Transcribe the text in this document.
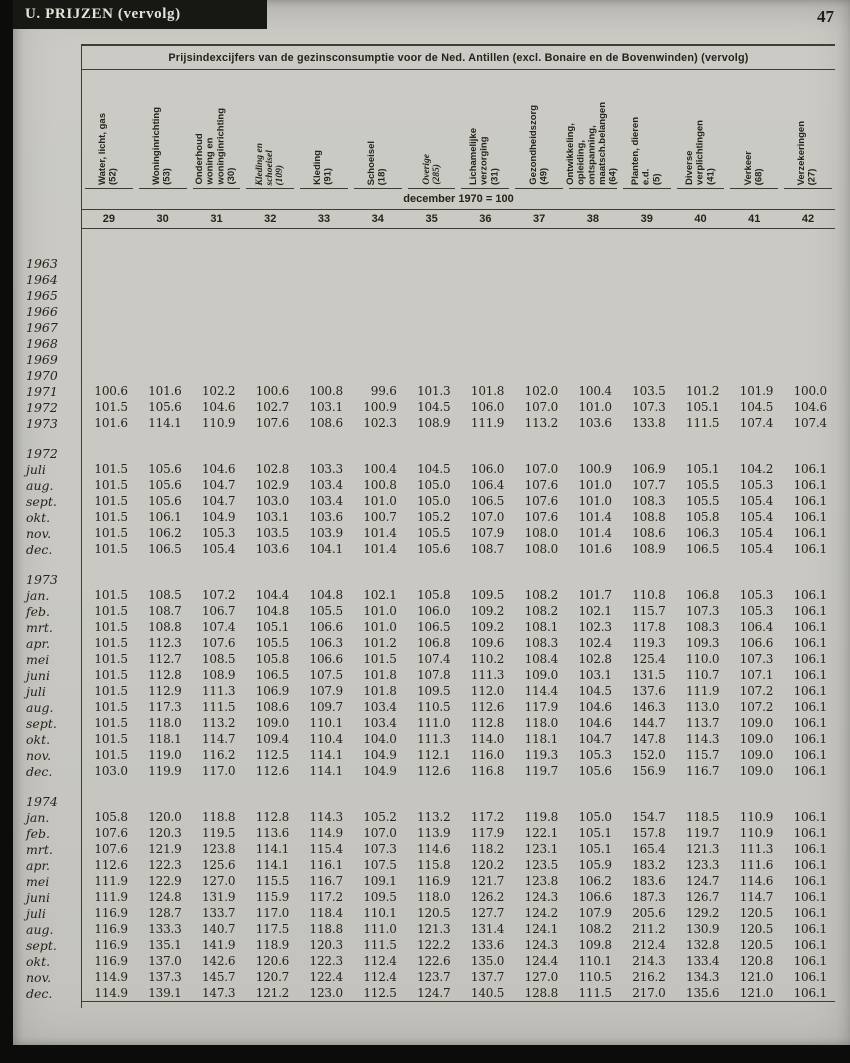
U. PRIJZEN (vervolg)	47
Prijsindexcijfers van de gezinsconsumptie voor de Ned. Antillen (excl. Bonaire en de Bovenwinden) (vervolg)
Water, licht, gas (52)	Woninginrichting (53) Onderhoud woning en woninginrichting (30) Kleding en schoeisel (109)	Kleding (91)	Schoeisel (18)	Overige (285)	Lichamelijke verzorging (31)	Gezondheidszorg (49) Ontwikkeling, opleiding, ontspanning, maatsch.belangen (64) Planten, dieren e.d. (5) Diverse verplichtingen (41)	Verkeer (68)	Verzekeringen (27)
december 1970 = 100
29	30	31	32	33	34	35	36	37	38	39	40	41	42
1963
1964
1965
1966
1967
1968
1969
1970
1971	100.6	101.6	102.2	100.6	100.8	99.6	101.3	101.8	102.0	100.4	103.5	101.2	101.9	100.0
1972	101.5	105.6	104.6	102.7	103.1	100.9	104.5	106.0	107.0	101.0	107.3	105.1	104.5	104.6
1973	101.6	114.1	110.9	107.6	108.6	102.3	108.9	111.9	113.2	103.6	133.8	111.5	107.4	107.4
1972
juli	101.5	105.6	104.6	102.8	103.3	100.4	104.5	106.0	107.0	100.9	106.9	105.1	104.2	106.1
aug.	101.5	105.6	104.7	102.9	103.4	100.8	105.0	106.4	107.6	101.0	107.7	105.5	105.3	106.1
sept.	101.5	105.6	104.7	103.0	103.4	101.0	105.0	106.5	107.6	101.0	108.3	105.5	105.4	106.1
okt.	101.5	106.1	104.9	103.1	103.6	100.7	105.2	107.0	107.6	101.4	108.8	105.8	105.4	106.1
nov.	101.5	106.2	105.3	103.5	103.9	101.4	105.5	107.9	108.0	101.4	108.6	106.3	105.4	106.1
dec.	101.5	106.5	105.4	103.6	104.1	101.4	105.6	108.7	108.0	101.6	108.9	106.5	105.4	106.1
1973
jan.	101.5	108.5	107.2	104.4	104.8	102.1	105.8	109.5	108.2	101.7	110.8	106.8	105.3	106.1
feb.	101.5	108.7	106.7	104.8	105.5	101.0	106.0	109.2	108.2	102.1	115.7	107.3	105.3	106.1
mrt.	101.5	108.8	107.4	105.1	106.6	101.0	106.5	109.2	108.1	102.3	117.8	108.3	106.4	106.1
apr.	101.5	112.3	107.6	105.5	106.3	101.2	106.8	109.6	108.3	102.4	119.3	109.3	106.6	106.1
mei	101.5	112.7	108.5	105.8	106.6	101.5	107.4	110.2	108.4	102.8	125.4	110.0	107.3	106.1
juni	101.5	112.8	108.9	106.5	107.5	101.8	107.8	111.3	109.0	103.1	131.5	110.7	107.1	106.1
juli	101.5	112.9	111.3	106.9	107.9	101.8	109.5	112.0	114.4	104.5	137.6	111.9	107.2	106.1
aug.	101.5	117.3	111.5	108.6	109.7	103.4	110.5	112.6	117.9	104.6	146.3	113.0	107.2	106.1
sept.	101.5	118.0	113.2	109.0	110.1	103.4	111.0	112.8	118.0	104.6	144.7	113.7	109.0	106.1
okt.	101.5	118.1	114.7	109.4	110.4	104.0	111.3	114.0	118.1	104.7	147.8	114.3	109.0	106.1
nov.	101.5	119.0	116.2	112.5	114.1	104.9	112.1	116.0	119.3	105.3	152.0	115.7	109.0	106.1
dec.	103.0	119.9	117.0	112.6	114.1	104.9	112.6	116.8	119.7	105.6	156.9	116.7	109.0	106.1
1974
jan.	105.8	120.0	118.8	112.8	114.3	105.2	113.2	117.2	119.8	105.0	154.7	118.5	110.9	106.1
feb.	107.6	120.3	119.5	113.6	114.9	107.0	113.9	117.9	122.1	105.1	157.8	119.7	110.9	106.1
mrt.	107.6	121.9	123.8	114.1	115.4	107.3	114.6	118.2	123.1	105.1	165.4	121.3	111.3	106.1
apr.	112.6	122.3	125.6	114.1	116.1	107.5	115.8	120.2	123.5	105.9	183.2	123.3	111.6	106.1
mei	111.9	122.9	127.0	115.5	116.7	109.1	116.9	121.7	123.8	106.2	183.6	124.7	114.6	106.1
juni	111.9	124.8	131.9	115.9	117.2	109.5	118.0	126.2	124.3	106.6	187.3	126.7	114.7	106.1
juli	116.9	128.7	133.7	117.0	118.4	110.1	120.5	127.7	124.2	107.9	205.6	129.2	120.5	106.1
aug.	116.9	133.3	140.7	117.5	118.8	111.0	121.3	131.4	124.1	108.2	211.2	130.9	120.5	106.1
sept.	116.9	135.1	141.9	118.9	120.3	111.5	122.2	133.6	124.3	109.8	212.4	132.8	120.5	106.1
okt.	116.9	137.0	142.6	120.6	122.3	112.4	122.6	135.0	124.4	110.1	214.3	133.4	120.8	106.1
nov.	114.9	137.3	145.7	120.7	122.4	112.4	123.7	137.7	127.0	110.5	216.2	134.3	121.0	106.1
dec.	114.9	139.1	147.3	121.2	123.0	112.5	124.7	140.5	128.8	111.5	217.0	135.6	121.0	106.1
